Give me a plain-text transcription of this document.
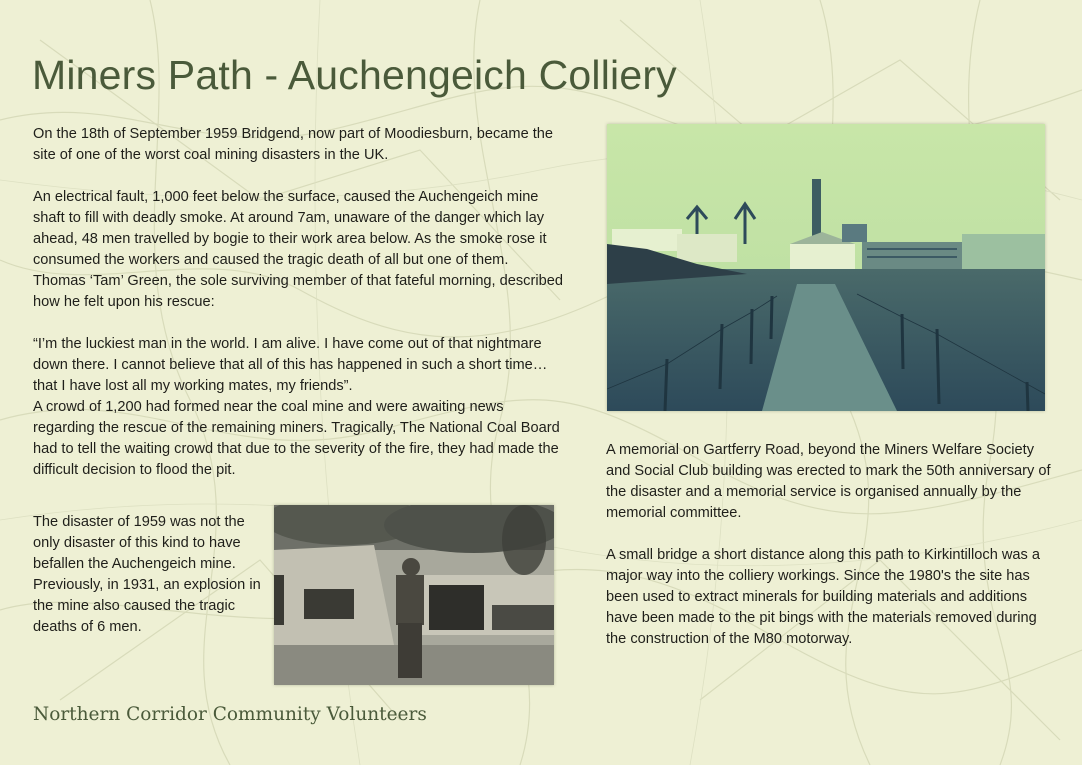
Miners Path - Auchengeich Colliery

On the 18th of September 1959 Bridgend, now part of Moodiesburn, became the site of one of the worst coal mining disasters in the UK.

An electrical fault, 1,000 feet below the surface, caused the Auchengeich mine shaft to fill with deadly smoke. At around 7am, unaware of the danger which lay ahead, 48 men travelled by bogie to their work area below. As the smoke rose it consumed the workers and caused the tragic death of all but one of them. Thomas ‘Tam’ Green, the sole surviving member of that fateful morning, described how he felt upon his rescue:

“I’m the luckiest man in the world. I am alive. I have come out of that nightmare down there. I cannot believe that all of this has happened in such a short time… that I have lost all my working mates, my friends”.

A crowd of 1,200 had formed near the coal mine and were awaiting news regarding the rescue of the remaining miners. Tragically, The National Coal Board had to tell the waiting crowd that due to the severity of the fire, they had made the difficult decision to flood the pit.

The disaster of 1959 was not the only disaster of this kind to have befallen the Auchengeich mine. Previously, in 1931, an explosion in the mine also caused the tragic deaths of 6 men.

A memorial on Gartferry Road, beyond the Miners Welfare Society and Social Club building was erected to mark the 50th anniversary of the disaster and a memorial service is organised annually by the memorial committee.

A small bridge a short distance along this path to Kirkintilloch was a major way into the colliery workings. Since the 1980's the site has been used to extract minerals for building materials and additions have been made to the pit bings with the materials removed during the construction of the M80 motorway.

Northern Corridor Community Volunteers
